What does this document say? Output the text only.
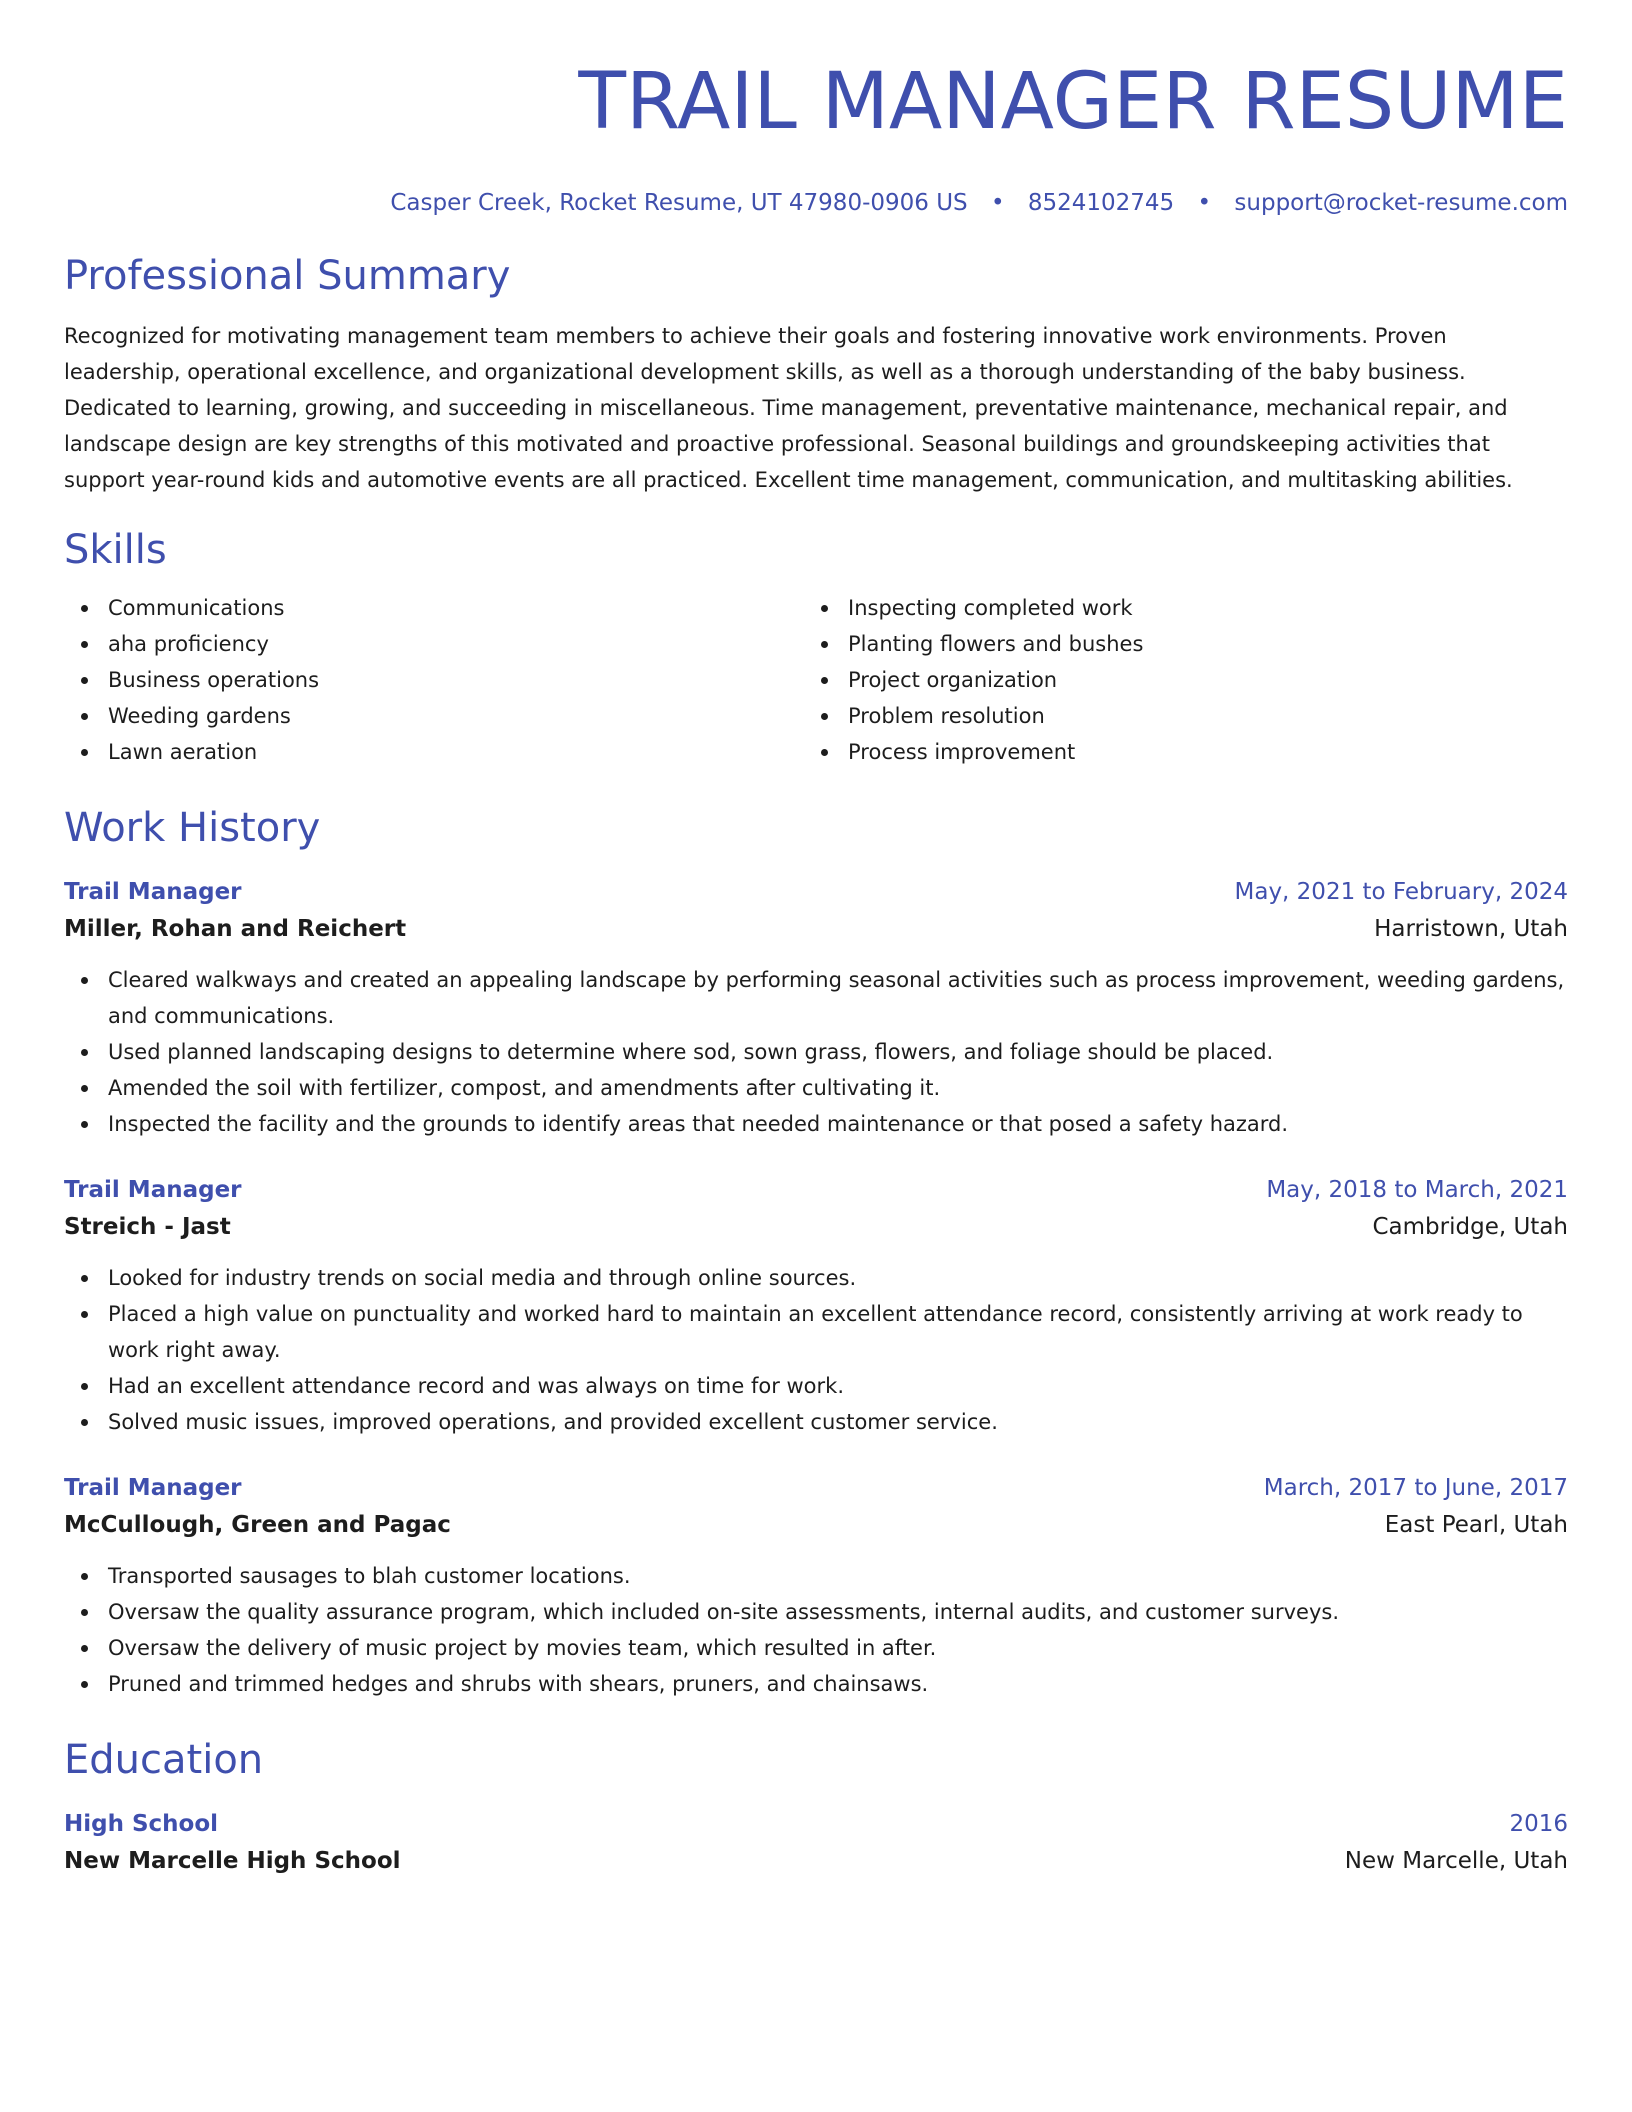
TRAIL MANAGER RESUME
Casper Creek, Rocket Resume, UT 47980-0906 US • 8524102745 • support@rocket-resume.com
Professional Summary
Recognized for motivating management team members to achieve their goals and fostering innovative work environments. Proven leadership, operational excellence, and organizational development skills, as well as a thorough understanding of the baby business. Dedicated to learning, growing, and succeeding in miscellaneous. Time management, preventative maintenance, mechanical repair, and landscape design are key strengths of this motivated and proactive professional. Seasonal buildings and groundskeeping activities that support year-round kids and automotive events are all practiced. Excellent time management, communication, and multitasking abilities.
Skills
Communications
aha proficiency
Business operations
Weeding gardens
Lawn aeration
Inspecting completed work
Planting flowers and bushes
Project organization
Problem resolution
Process improvement
Work History
Trail Manager	May, 2021 to February, 2024
Miller, Rohan and Reichert	Harristown, Utah
Cleared walkways and created an appealing landscape by performing seasonal activities such as process improvement, weeding gardens, and communications.
Used planned landscaping designs to determine where sod, sown grass, flowers, and foliage should be placed.
Amended the soil with fertilizer, compost, and amendments after cultivating it.
Inspected the facility and the grounds to identify areas that needed maintenance or that posed a safety hazard.
Trail Manager	May, 2018 to March, 2021
Streich - Jast	Cambridge, Utah
Looked for industry trends on social media and through online sources.
Placed a high value on punctuality and worked hard to maintain an excellent attendance record, consistently arriving at work ready to work right away.
Had an excellent attendance record and was always on time for work.
Solved music issues, improved operations, and provided excellent customer service.
Trail Manager	March, 2017 to June, 2017
McCullough, Green and Pagac	East Pearl, Utah
Transported sausages to blah customer locations.
Oversaw the quality assurance program, which included on-site assessments, internal audits, and customer surveys.
Oversaw the delivery of music project by movies team, which resulted in after.
Pruned and trimmed hedges and shrubs with shears, pruners, and chainsaws.
Education
High School	2016
New Marcelle High School	New Marcelle, Utah
